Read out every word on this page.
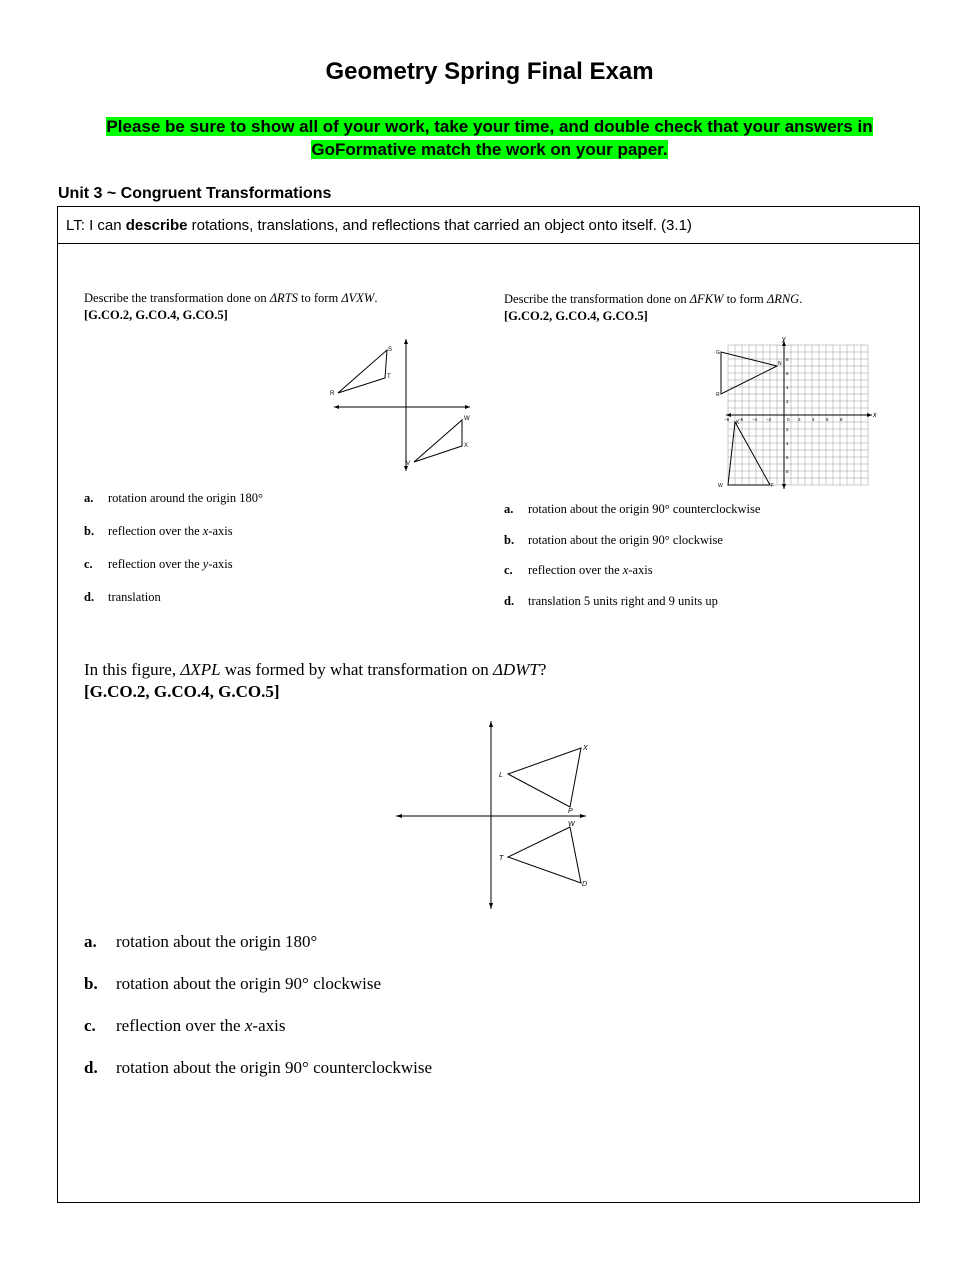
Geometry Spring Final Exam
Please be sure to show all of your work, take your time, and double check that your answers in
GoFormative match the work on your paper.
Unit 3 ~ Congruent Transformations
LT: I can describe rotations, translations, and reflections that carried an object onto itself. (3.1)
Describe the transformation done on ΔRTS to form ΔVXW.
[G.CO.2, G.CO.4, G.CO.5]
S
T
R
W
X
V
a. rotation around the origin 180°
b. reflection over the x-axis
c. reflection over the y-axis
d. translation
Describe the transformation done on ΔFKW to form ΔRNG.
[G.CO.2, G.CO.4, G.CO.5]
y
x
G
N
R
K
W	F
−8 −6 −4 −2	0 2	4	6	8
8
6
4
2
2
4
6
8
a. rotation about the origin 90° counterclockwise
b. rotation about the origin 90° clockwise
c. reflection over the x-axis
d. translation 5 units right and 9 units up
In this figure, ΔXPL was formed by what transformation on ΔDWT?
[G.CO.2, G.CO.4, G.CO.5]
X
L
P
W
T
D
a. rotation about the origin 180°
b. rotation about the origin 90° clockwise
c. reflection over the x-axis
d. rotation about the origin 90° counterclockwise
